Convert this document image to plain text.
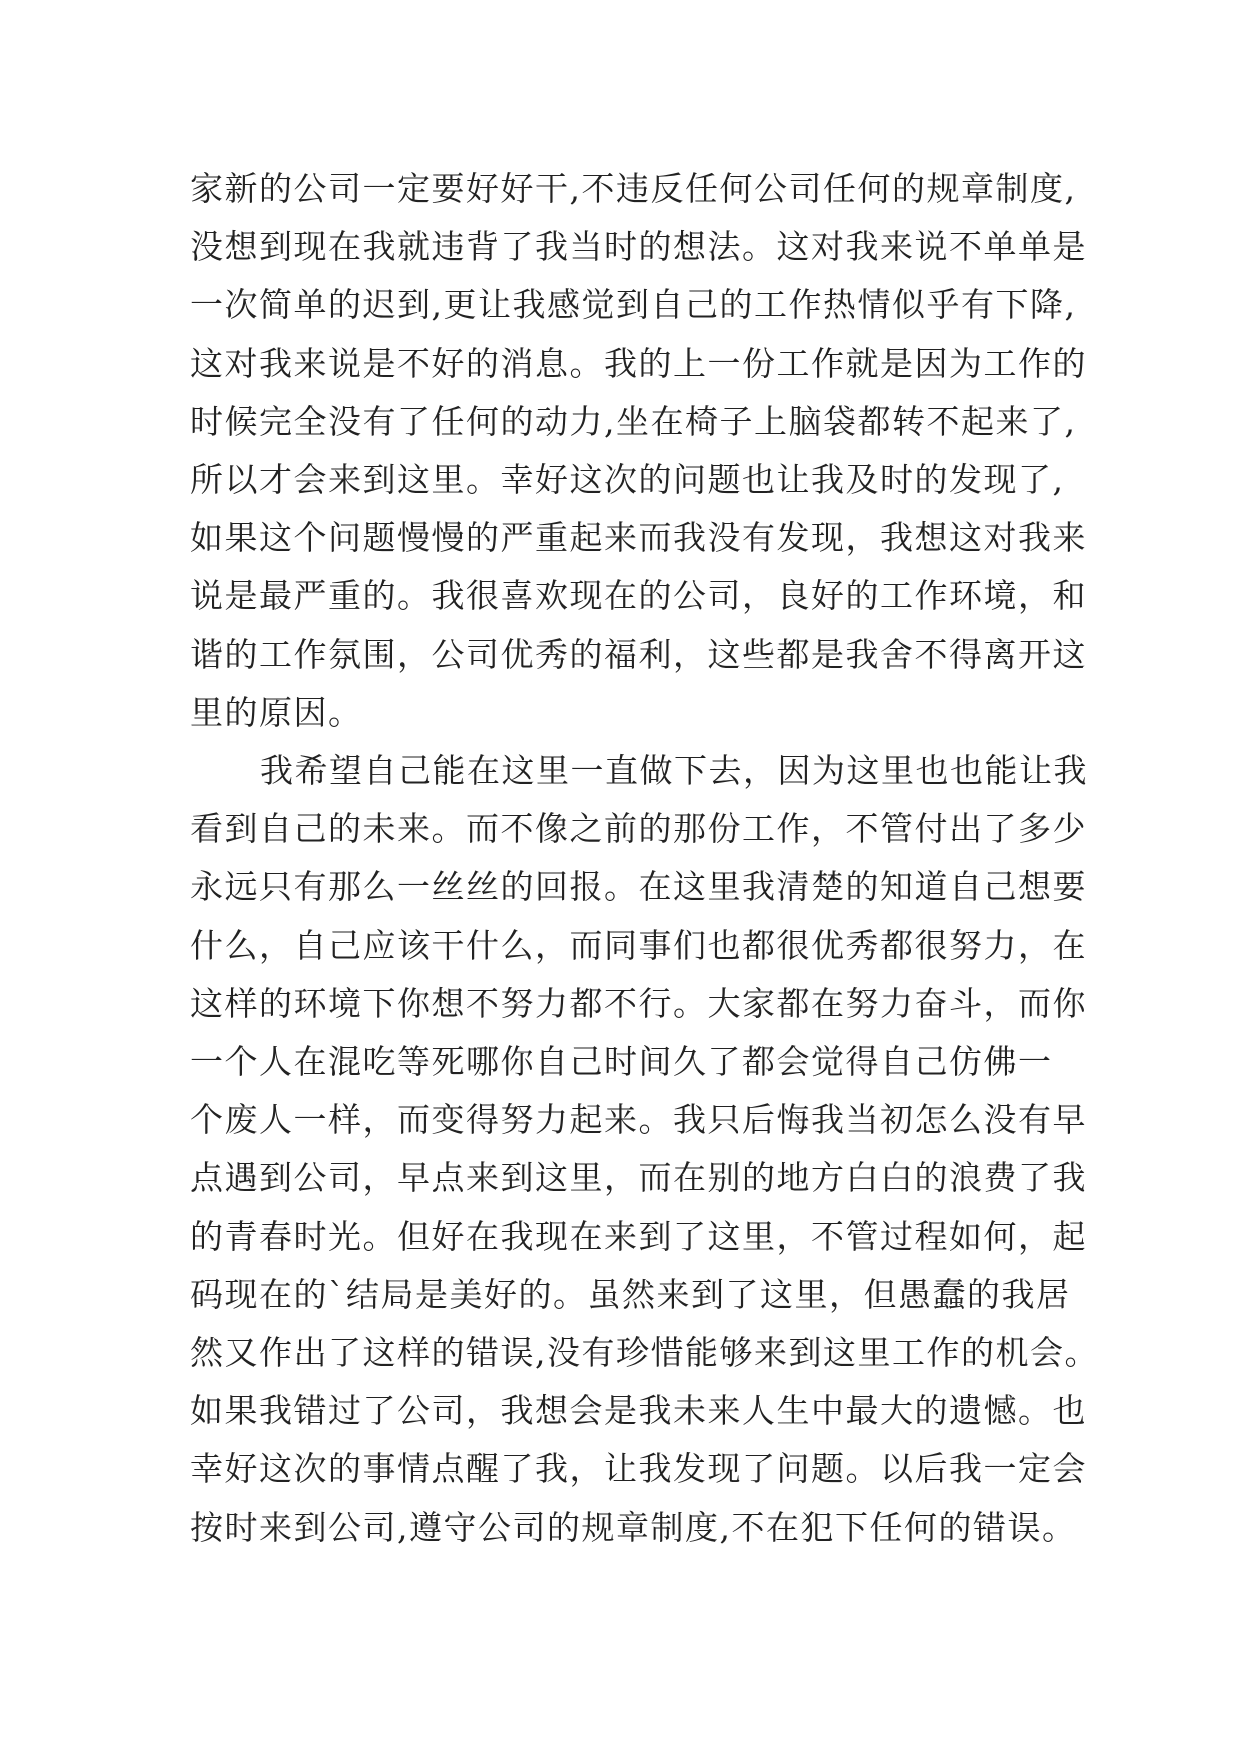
家新的公司一定要好好干,不违反任何公司任何的规章制度,
没想到现在我就违背了我当时的想法。这对我来说不单单是
一次简单的迟到,更让我感觉到自己的工作热情似乎有下降,
这对我来说是不好的消息。我的上一份工作就是因为工作的
时候完全没有了任何的动力,坐在椅子上脑袋都转不起来了,
所以才会来到这里。幸好这次的问题也让我及时的发现了,
如果这个问题慢慢的严重起来而我没有发现，我想这对我来
说是最严重的。我很喜欢现在的公司，良好的工作环境，和
谐的工作氛围，公司优秀的福利，这些都是我舍不得离开这
里的原因。
我希望自己能在这里一直做下去，因为这里也也能让我
看到自己的未来。而不像之前的那份工作，不管付出了多少
永远只有那么一丝丝的回报。在这里我清楚的知道自己想要
什么，自己应该干什么，而同事们也都很优秀都很努力，在
这样的环境下你想不努力都不行。大家都在努力奋斗，而你
一个人在混吃等死哪你自己时间久了都会觉得自己仿佛一
个废人一样，而变得努力起来。我只后悔我当初怎么没有早
点遇到公司，早点来到这里，而在别的地方白白的浪费了我
的青春时光。但好在我现在来到了这里，不管过程如何，起
码现在的`结局是美好的。虽然来到了这里，但愚蠢的我居
然又作出了这样的错误,没有珍惜能够来到这里工作的机会。
如果我错过了公司，我想会是我未来人生中最大的遗憾。也
幸好这次的事情点醒了我，让我发现了问题。以后我一定会
按时来到公司,遵守公司的规章制度,不在犯下任何的错误。
